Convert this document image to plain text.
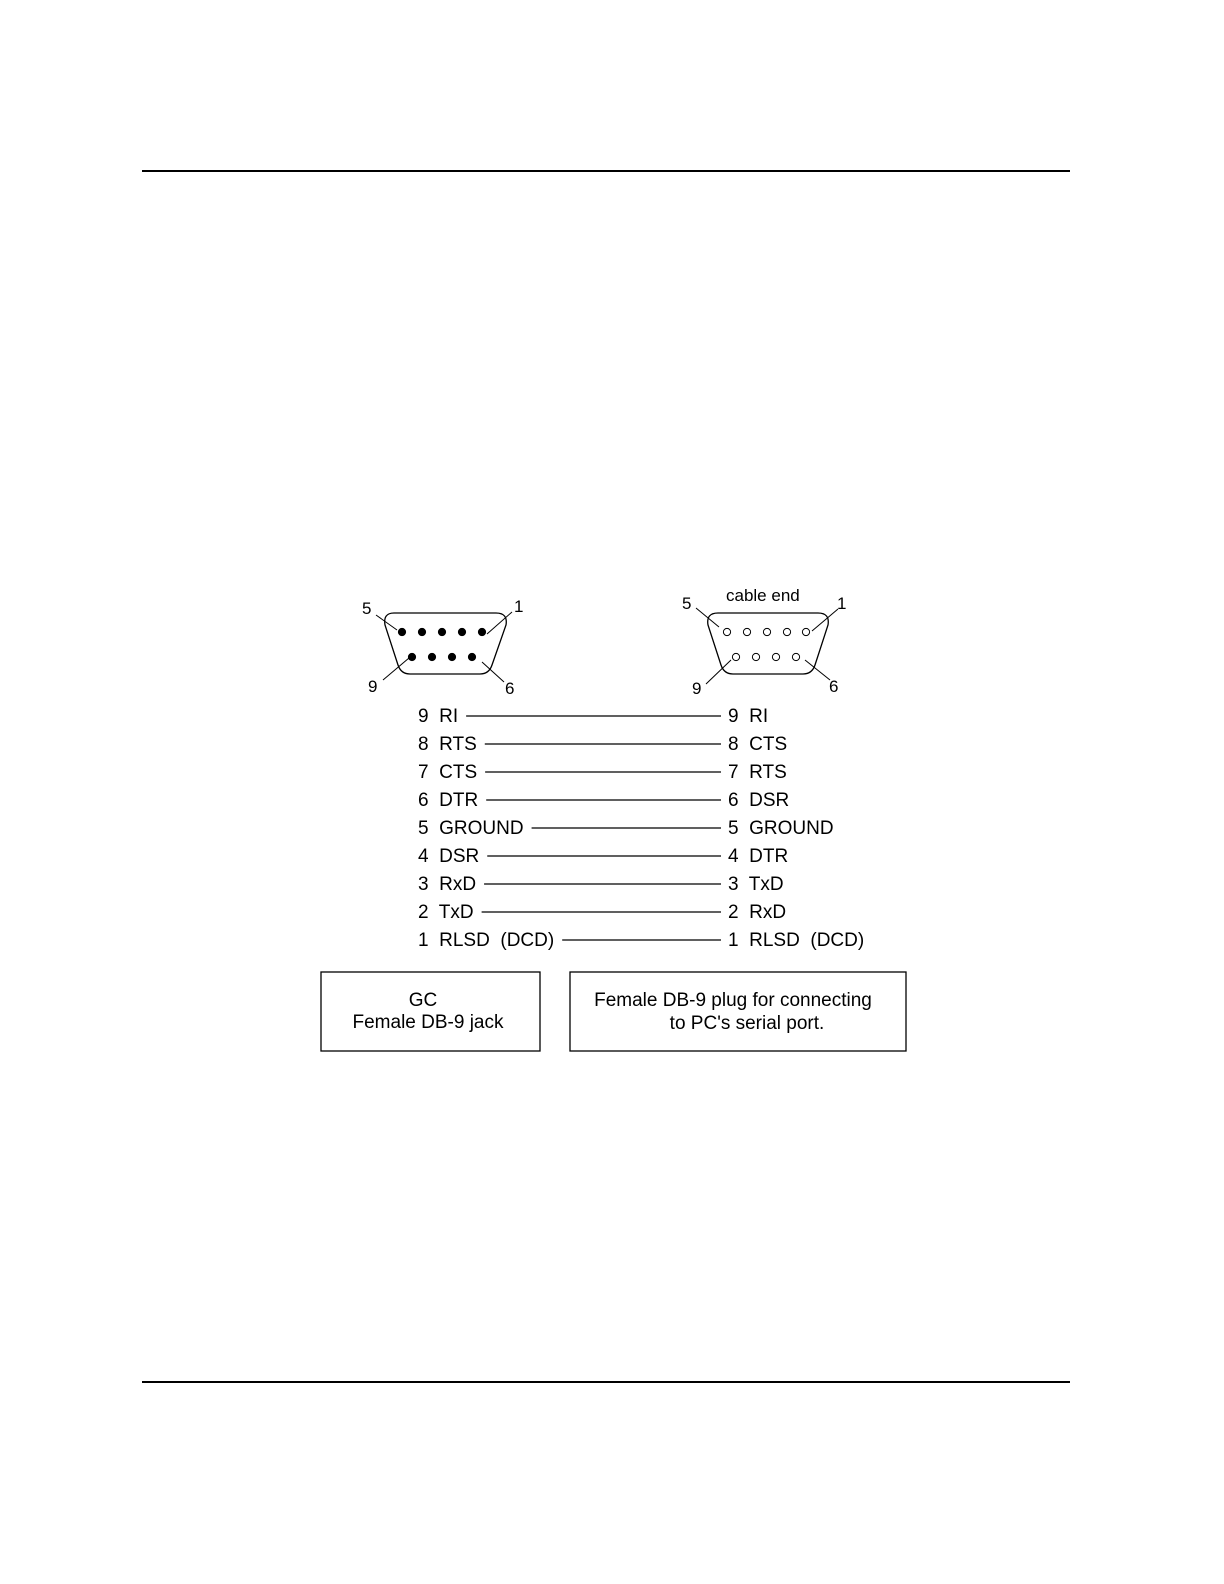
5	1
9	6
cable end
5	1
9	6
9  RI	9  RI
8  RTS	8  CTS
7  CTS	7  RTS
6  DTR	6  DSR
5  GROUND	5  GROUND
4  DSR	4  DTR
3  RxD	3  TxD
2  TxD	2  RxD
1  RLSD  (DCD)	1  RLSD  (DCD)
GC
Female DB-9 jack
Female DB-9 plug for connecting
to PC's serial port.
